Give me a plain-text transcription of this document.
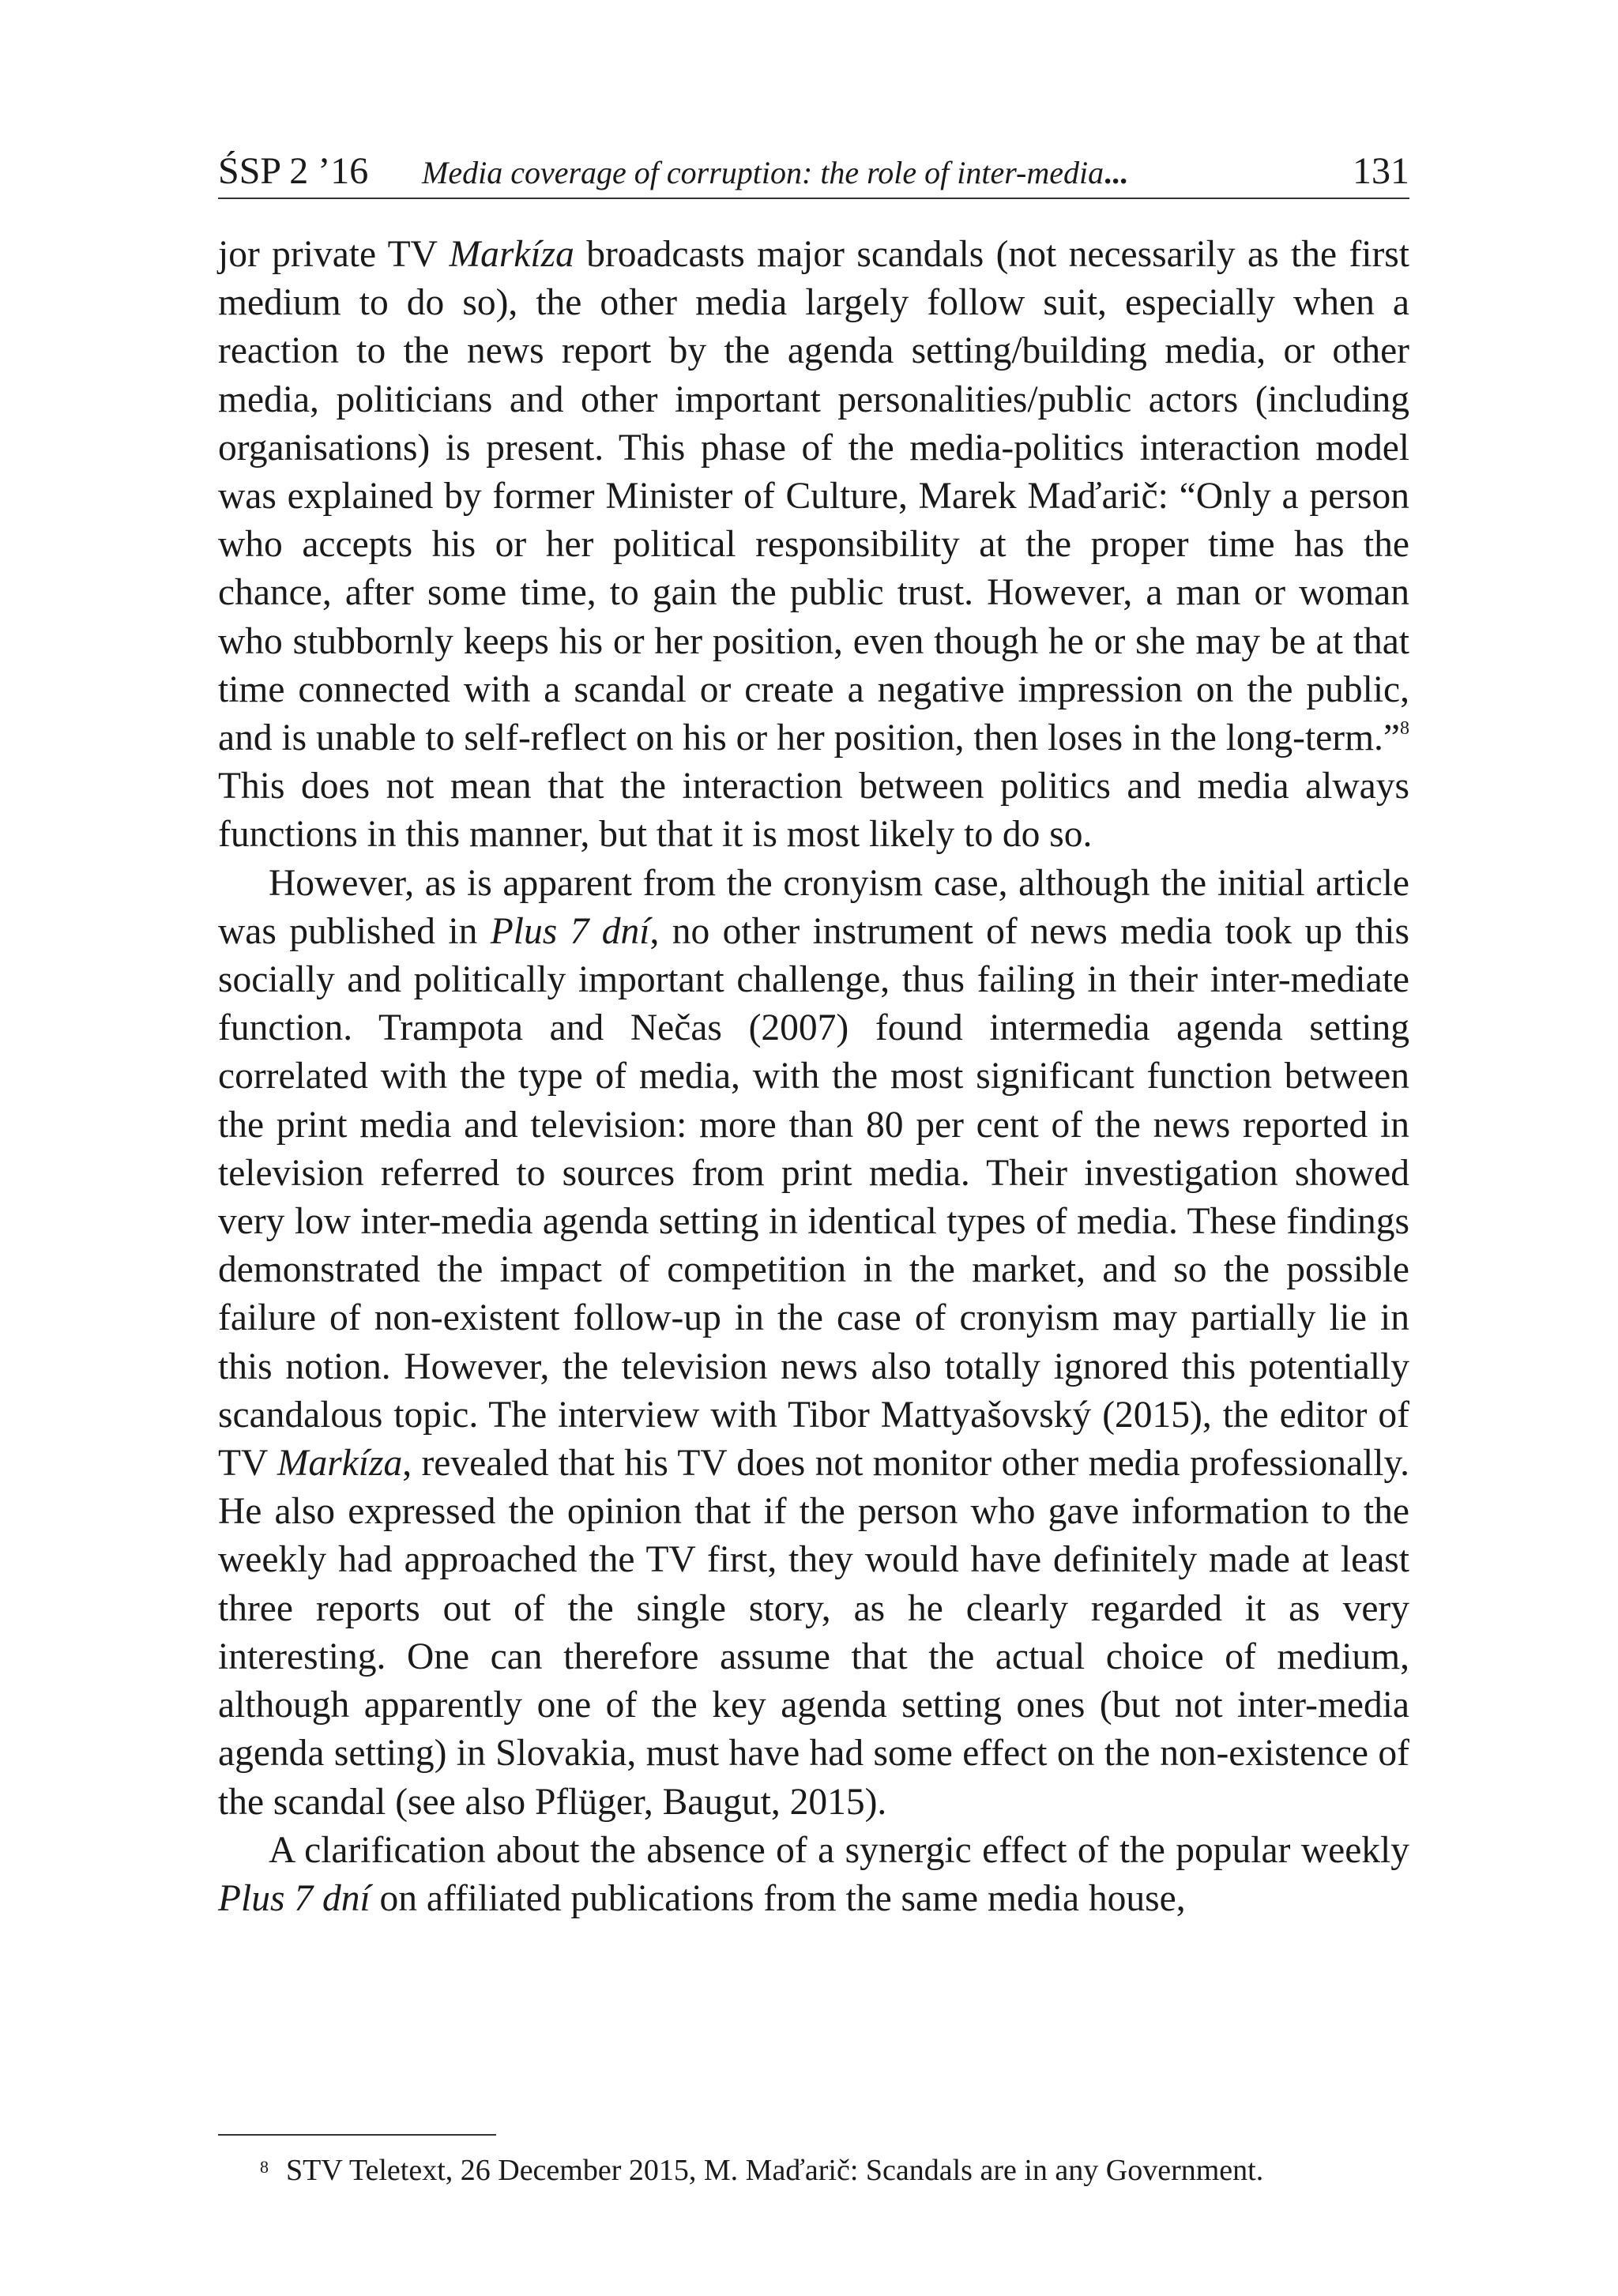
ŚSP 2 ’16 Media coverage of corruption: the role of inter-media...	131

jor private TV Markíza broadcasts major scandals (not necessarily as the first medium to do so), the other media largely follow suit, especially when a reaction to the news report by the agenda setting/building media, or other media, politicians and other important personalities/public actors (including organisations) is present. This phase of the media-politics interaction model was explained by former Minister of Culture, Marek Maďarič: “Only a person who accepts his or her political responsibility at the proper time has the chance, after some time, to gain the public trust. However, a man or woman who stubbornly keeps his or her position, even though he or she may be at that time connected with a scandal or create a negative impression on the public, and is unable to self-reflect on his or her position, then loses in the long-term.”$^8$ This does not mean that the interaction between politics and media always functions in this manner, but that it is most likely to do so.

However, as is apparent from the cronyism case, although the initial article was published in Plus 7 dní, no other instrument of news media took up this socially and politically important challenge, thus failing in their inter-mediate function. Trampota and Nečas (2007) found intermedia agenda setting correlated with the type of media, with the most significant function between the print media and television: more than 80 per cent of the news reported in television referred to sources from print media. Their investigation showed very low inter-media agenda setting in identical types of media. These findings demonstrated the impact of competition in the market, and so the possible failure of non-existent follow-up in the case of cronyism may partially lie in this notion. However, the television news also totally ignored this potentially scandalous topic. The interview with Tibor Mattyašovský (2015), the editor of TV Markíza, revealed that his TV does not monitor other media professionally. He also expressed the opinion that if the person who gave information to the weekly had approached the TV first, they would have definitely made at least three reports out of the single story, as he clearly regarded it as very interesting. One can therefore assume that the actual choice of medium, although apparently one of the key agenda setting ones (but not inter-media agenda setting) in Slovakia, must have had some effect on the non-existence of the scandal (see also Pflüger, Baugut, 2015).

A clarification about the absence of a synergic effect of the popular weekly Plus 7 dní on affiliated publications from the same media house,

8 STV Teletext, 26 December 2015, M. Maďarič: Scandals are in any Government.
